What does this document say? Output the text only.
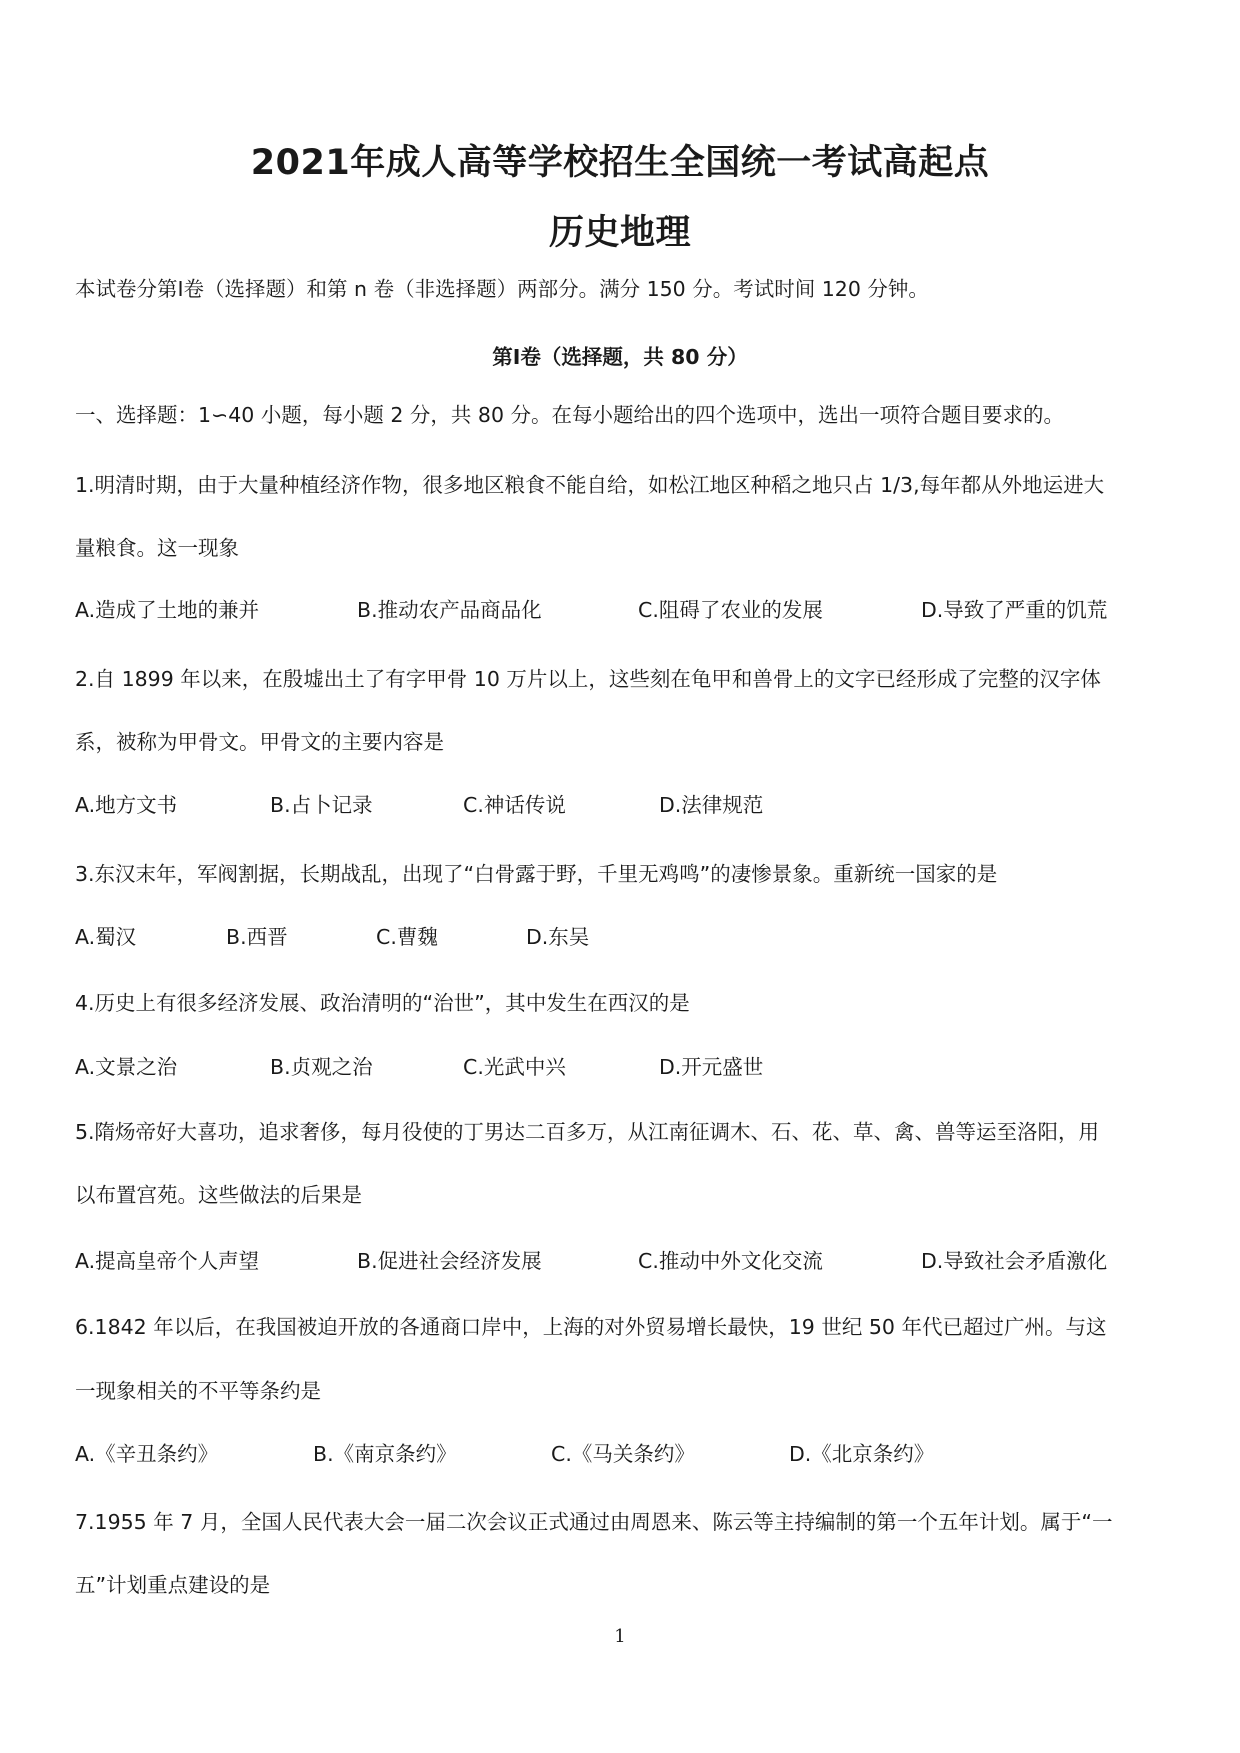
2021年成人高等学校招生全国统一考试高起点
历史地理
本试卷分第Ⅰ卷（选择题）和第 n 卷（非选择题）两部分。满分 150 分。考试时间 120 分钟。
第Ⅰ卷（选择题，共 80 分）
一、选择题：1∽40 小题，每小题 2 分，共 80 分。在每小题给出的四个选项中，选出一项符合题目要求的。
1.明清时期，由于大量种植经济作物，很多地区粮食不能自给，如松江地区种稻之地只占 1/3,每年都从外地运进大
量粮食。这一现象
A.造成了土地的兼并	B.推动农产品商品化	C.阻碍了农业的发展	D.导致了严重的饥荒
2.自 1899 年以来，在殷墟出土了有字甲骨 10 万片以上，这些刻在龟甲和兽骨上的文字已经形成了完整的汉字体
系，被称为甲骨文。甲骨文的主要内容是
A.地方文书	B.占卜记录	C.神话传说	D.法律规范
3.东汉末年，军阀割据，长期战乱，出现了“白骨露于野，千里无鸡鸣”的凄惨景象。重新统一国家的是
A.蜀汉	B.西晋	C.曹魏	D.东吴
4.历史上有很多经济发展、政治清明的“治世”，其中发生在西汉的是
A.文景之治	B.贞观之治	C.光武中兴	D.开元盛世
5.隋炀帝好大喜功，追求奢侈，每月役使的丁男达二百多万，从江南征调木、石、花、草、禽、兽等运至洛阳，用
以布置宫苑。这些做法的后果是
A.提高皇帝个人声望	B.促进社会经济发展	C.推动中外文化交流	D.导致社会矛盾激化
6.1842 年以后，在我国被迫开放的各通商口岸中，上海的对外贸易增长最快，19 世纪 50 年代已超过广州。与这
一现象相关的不平等条约是
A.《辛丑条约》	B.《南京条约》	C.《马关条约》	D.《北京条约》
7.1955 年 7 月，全国人民代表大会一届二次会议正式通过由周恩来、陈云等主持编制的第一个五年计划。属于“一
五”计划重点建设的是
1
